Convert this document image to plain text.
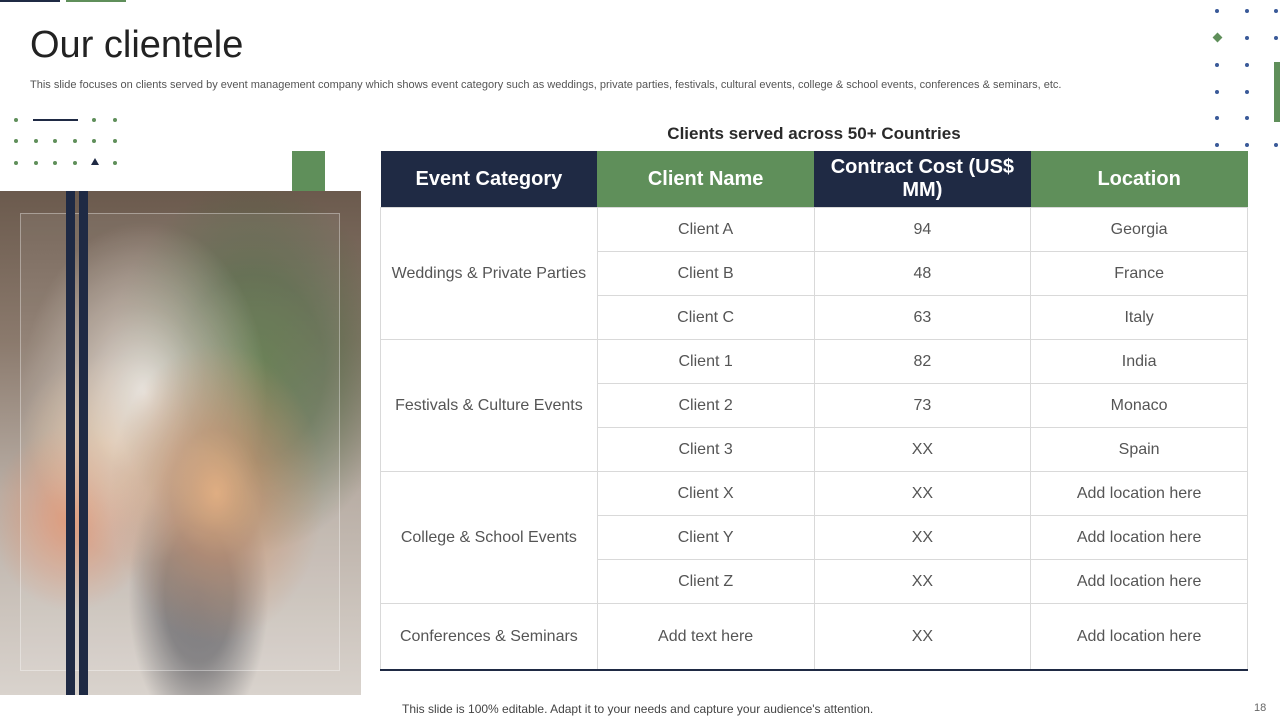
Our clientele
This slide focuses on clients served by event management company which shows event category such as weddings, private parties, festivals, cultural events, college & school events, conferences & seminars, etc.
Clients served across 50+ Countries
Event Category	Client Name	Contract Cost (US$ MM)	Location
Weddings & Private Parties	Client A	94	Georgia
	Client B	48	France
	Client C	63	Italy
Festivals & Culture Events	Client 1	82	India
	Client 2	73	Monaco
	Client 3	XX	Spain
College & School Events	Client X	XX	Add location here
	Client Y	XX	Add location here
	Client Z	XX	Add location here
Conferences & Seminars	Add text here	XX	Add location here
This slide is 100% editable. Adapt it to your needs and capture your audience's attention.	18
